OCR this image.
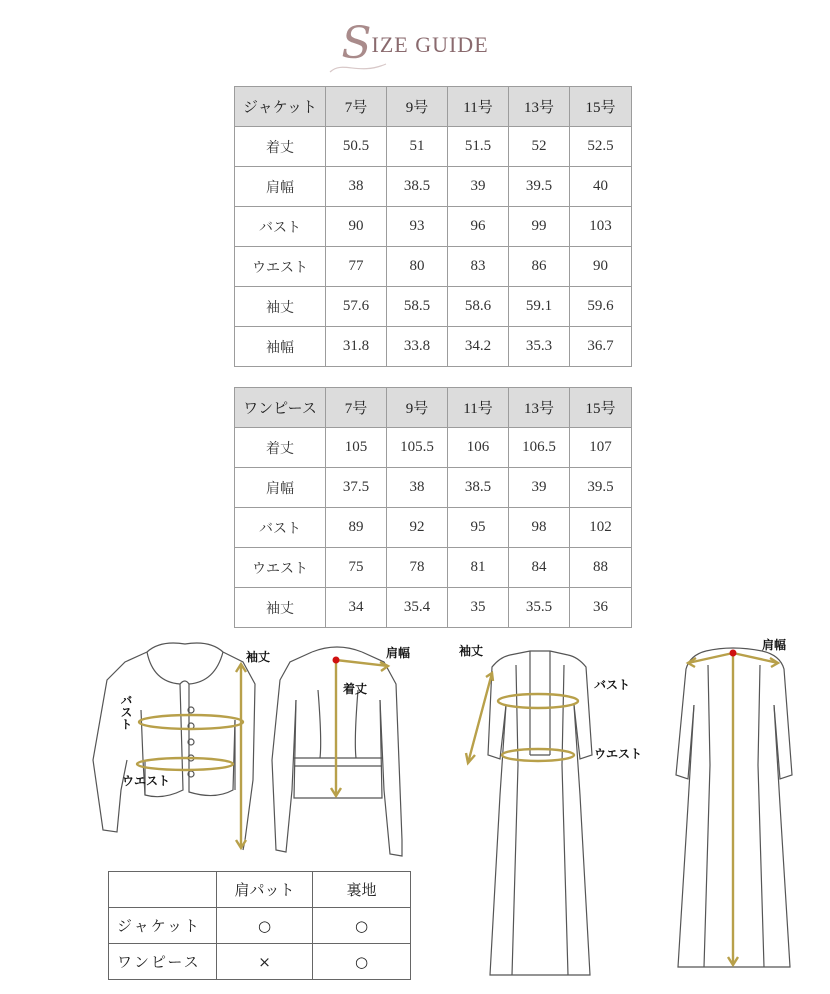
SIZE GUIDE
ジャケット	7号	9号	11号	13号	15号
着丈	50.5	51	51.5	52	52.5
肩幅	38	38.5	39	39.5	40
バスト	90	93	96	99	103
ウエスト	77	80	83	86	90
袖丈	57.6	58.5	58.6	59.1	59.6
袖幅	31.8	33.8	34.2	35.3	36.7
ワンピース	7号	9号	11号	13号	15号
着丈	105	105.5	106	106.5	107
肩幅	37.5	38	38.5	39	39.5
バスト	89	92	95	98	102
ウエスト	75	78	81	84	88
袖丈	34	35.4	35	35.5	36
袖丈
バスト
ウエスト
肩幅
着丈
袖丈
バスト
ウエスト
肩幅
	肩パット	裏地
ジャケット	○	○
ワンピース	×	○
